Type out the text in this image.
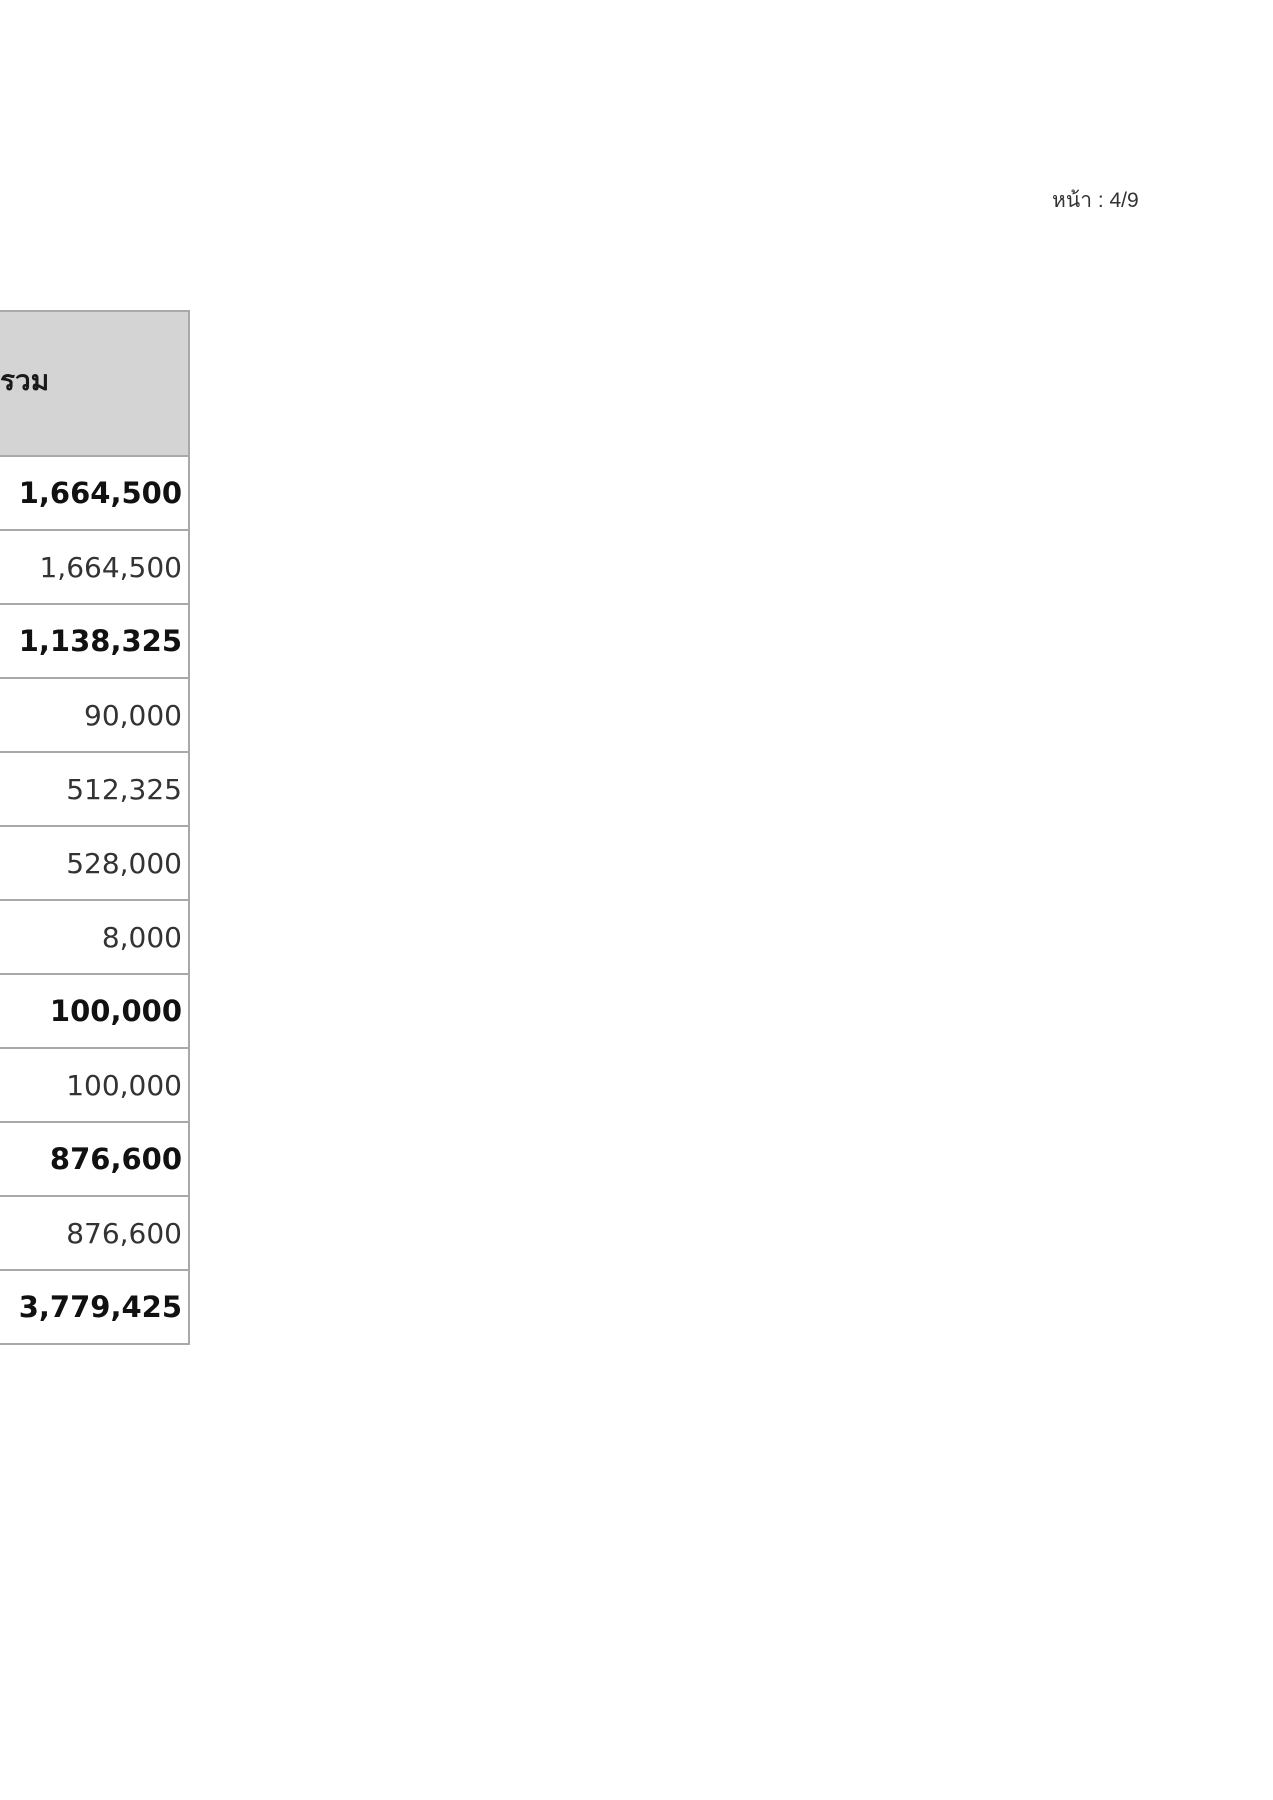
หน้า : 4/9
รวม
1,664,500
1,664,500
1,138,325
90,000
512,325
528,000
8,000
100,000
100,000
876,600
876,600
3,779,425
